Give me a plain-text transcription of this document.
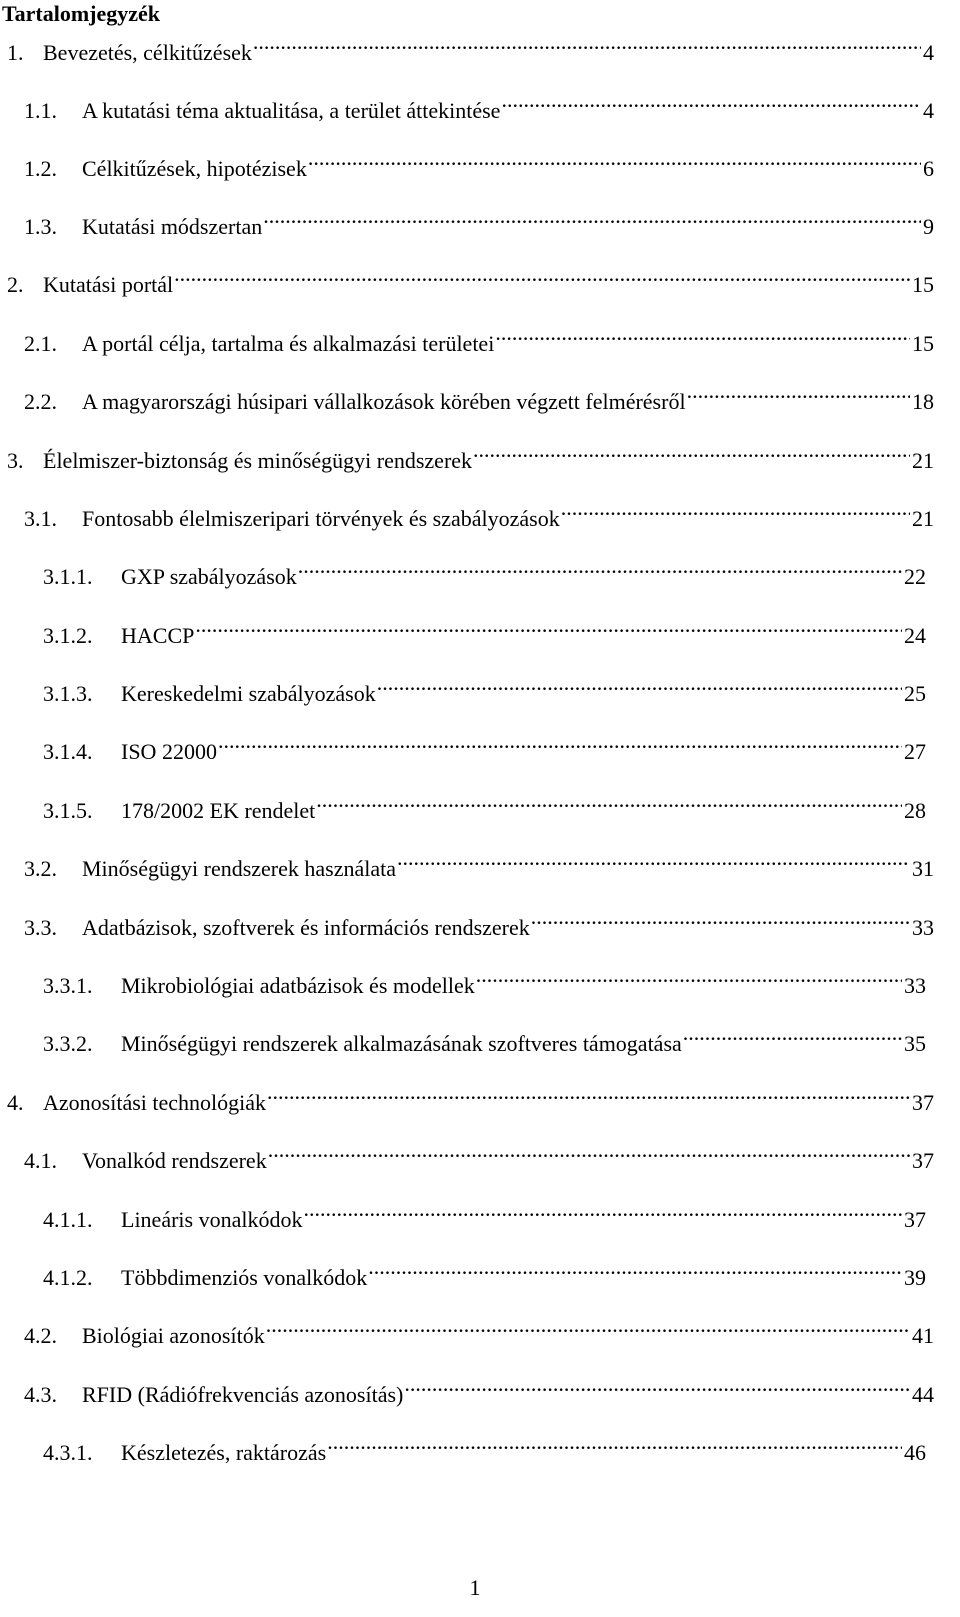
Tartalomjegyzék
1. Bevezetés, célkitűzések .....	4
1.1.	A kutatási téma aktualitása, a terület áttekintése .....	4
1.2.	Célkitűzések, hipotézisek .....	6
1.3.	Kutatási módszertan .....	9
2. Kutatási portál .....	15
2.1.	A portál célja, tartalma és alkalmazási területei .....	15
2.2.	A magyarországi húsipari vállalkozások körében végzett felmérésről .....	18
3. Élelmiszer-biztonság és minőségügyi rendszerek .....	21
3.1.	Fontosabb élelmiszeripari törvények és szabályozások .....	21
3.1.1.	GXP szabályozások .....	22
3.1.2.	HACCP .....	24
3.1.3.	Kereskedelmi szabályozások .....	25
3.1.4.	ISO 22000 .....	27
3.1.5.	178/2002 EK rendelet .....	28
3.2.	Minőségügyi rendszerek használata .....	31
3.3.	Adatbázisok, szoftverek és információs rendszerek .....	33
3.3.1.	Mikrobiológiai adatbázisok és modellek .....	33
3.3.2.	Minőségügyi rendszerek alkalmazásának szoftveres támogatása .....	35
4. Azonosítási technológiák .....	37
4.1.	Vonalkód rendszerek .....	37
4.1.1.	Lineáris vonalkódok .....	37
4.1.2.	Többdimenziós vonalkódok .....	39
4.2.	Biológiai azonosítók .....	41
4.3.	RFID (Rádiófrekvenciás azonosítás) .....	44
4.3.1.	Készletezés, raktározás .....	46
1
